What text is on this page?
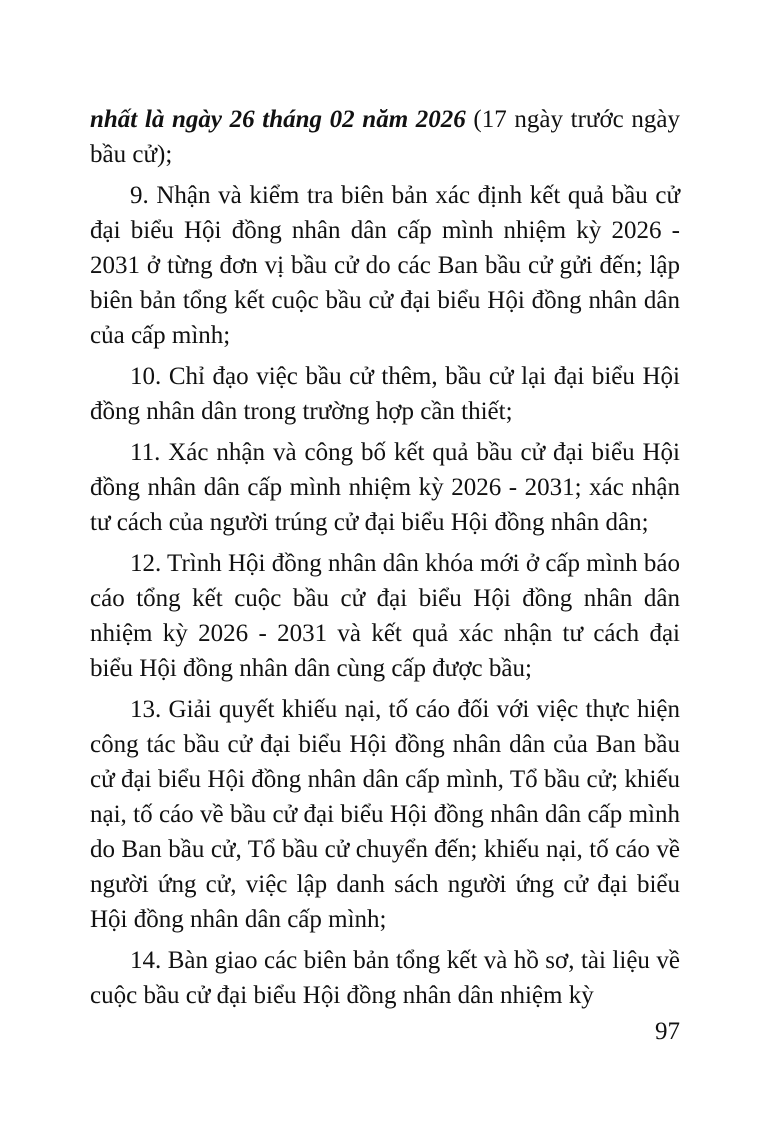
nhất là ngày 26 tháng 02 năm 2026 (17 ngày trước ngày bầu cử);

9. Nhận và kiểm tra biên bản xác định kết quả bầu cử đại biểu Hội đồng nhân dân cấp mình nhiệm kỳ 2026 - 2031 ở từng đơn vị bầu cử do các Ban bầu cử gửi đến; lập biên bản tổng kết cuộc bầu cử đại biểu Hội đồng nhân dân của cấp mình;

10. Chỉ đạo việc bầu cử thêm, bầu cử lại đại biểu Hội đồng nhân dân trong trường hợp cần thiết;

11. Xác nhận và công bố kết quả bầu cử đại biểu Hội đồng nhân dân cấp mình nhiệm kỳ 2026 - 2031; xác nhận tư cách của người trúng cử đại biểu Hội đồng nhân dân;

12. Trình Hội đồng nhân dân khóa mới ở cấp mình báo cáo tổng kết cuộc bầu cử đại biểu Hội đồng nhân dân nhiệm kỳ 2026 - 2031 và kết quả xác nhận tư cách đại biểu Hội đồng nhân dân cùng cấp được bầu;

13. Giải quyết khiếu nại, tố cáo đối với việc thực hiện công tác bầu cử đại biểu Hội đồng nhân dân của Ban bầu cử đại biểu Hội đồng nhân dân cấp mình, Tổ bầu cử; khiếu nại, tố cáo về bầu cử đại biểu Hội đồng nhân dân cấp mình do Ban bầu cử, Tổ bầu cử chuyển đến; khiếu nại, tố cáo về người ứng cử, việc lập danh sách người ứng cử đại biểu Hội đồng nhân dân cấp mình;

14. Bàn giao các biên bản tổng kết và hồ sơ, tài liệu về cuộc bầu cử đại biểu Hội đồng nhân dân nhiệm kỳ

97
